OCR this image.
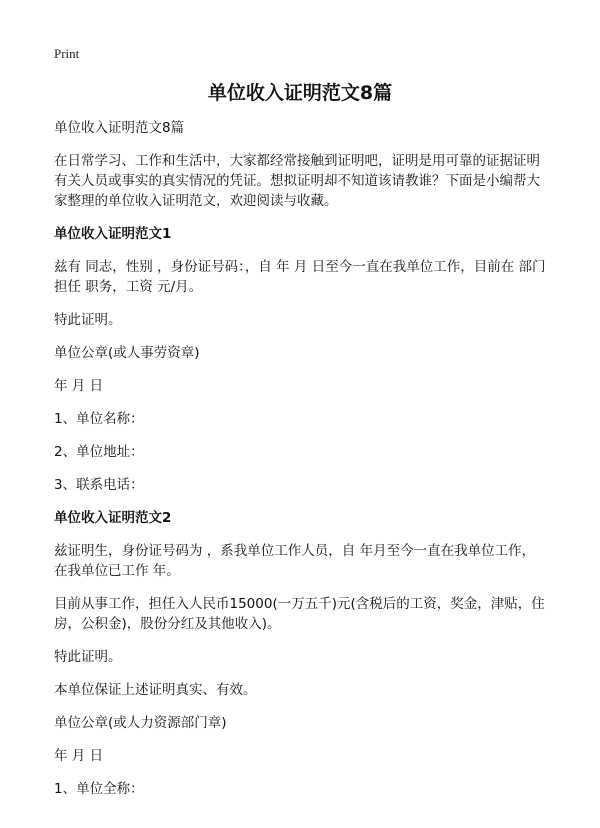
Print
单位收入证明范文8篇

单位收入证明范文8篇

在日常学习、工作和生活中，大家都经常接触到证明吧，证明是用可靠的证据证明有关人员或事实的真实情况的凭证。想拟证明却不知道该请教谁？下面是小编帮大家整理的单位收入证明范文，欢迎阅读与收藏。

单位收入证明范文1

兹有 同志，性别 ，身份证号码：，自 年 月 日至今一直在我单位工作，目前在 部门担任 职务，工资 元/月。

特此证明。

单位公章(或人事劳资章)

年 月 日

1、单位名称：

2、单位地址：

3、联系电话：

单位收入证明范文2

兹证明生，身份证号码为 ，系我单位工作人员，自 年月至今一直在我单位工作，在我单位已工作 年。

目前从事工作，担任入人民币15000(一万五千)元(含税后的工资，奖金，津贴，住房，公积金)，股份分红及其他收入)。

特此证明。

本单位保证上述证明真实、有效。

单位公章(或人力资源部门章)

年 月 日

1、单位全称：
